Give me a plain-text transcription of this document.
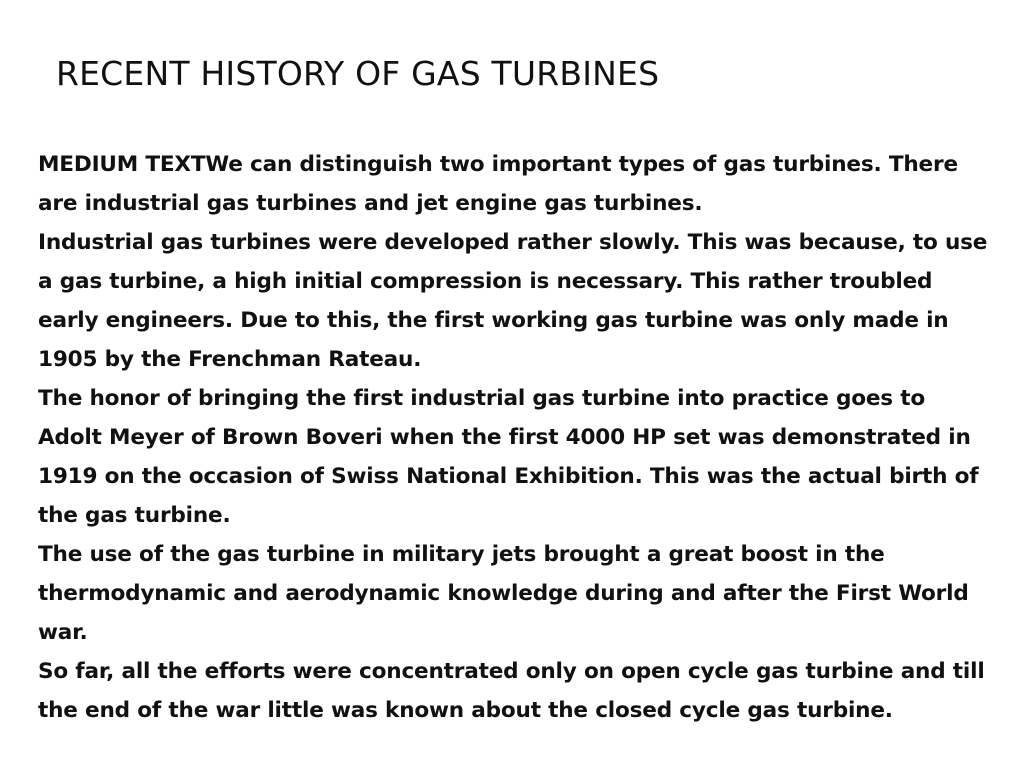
RECENT HISTORY OF GAS TURBINES

MEDIUM TEXTWe can distinguish two important types of gas turbines. There are industrial gas turbines and jet engine gas turbines.

Industrial gas turbines were developed rather slowly. This was because, to use a gas turbine, a high initial compression is necessary. This rather troubled early engineers. Due to this, the first working gas turbine was only made in 1905 by the Frenchman Rateau.

The honor of bringing the first industrial gas turbine into practice goes to Adolt Meyer of Brown Boveri when the first 4000 HP set was demonstrated in 1919 on the occasion of Swiss National Exhibition. This was the actual birth of the gas turbine.

The use of the gas turbine in military jets brought a great boost in the thermodynamic and aerodynamic knowledge during and after the First World war.

So far, all the efforts were concentrated only on open cycle gas turbine and till the end of the war little was known about the closed cycle gas turbine.
